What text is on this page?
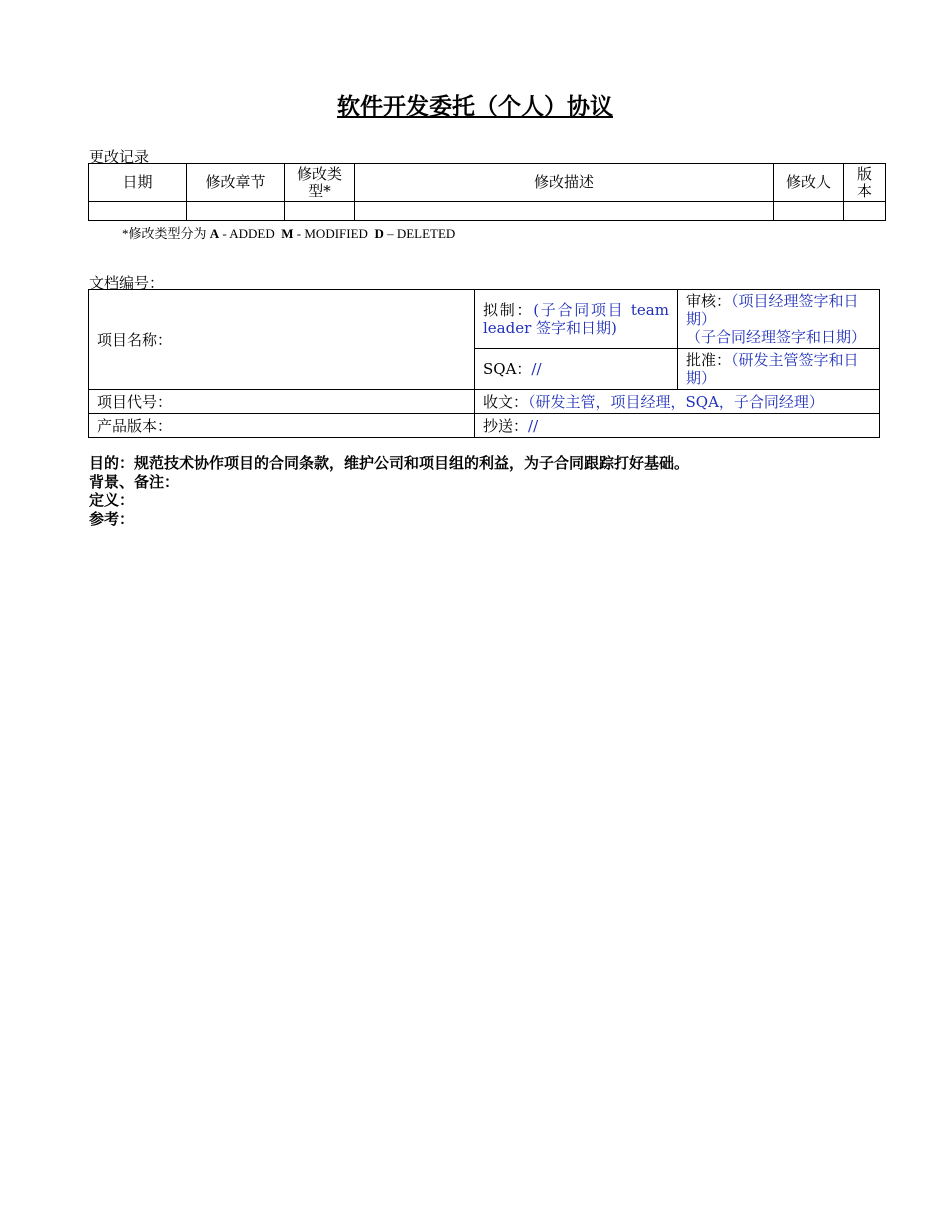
软件开发委托（个人）协议
更改记录
日期	修改章节	修改类型*	修改描述	修改人	版本

*修改类型分为 A - ADDED M - MODIFIED D – DELETED
文档编号：
项目名称：	拟制：(子合同项目 team leader 签字和日期)	审核：（项目经理签字和日期）
（子合同经理签字和日期）
	SQA：//	批准：（研发主管签字和日期）
项目代号：	收文：（研发主管，项目经理，SQA，子合同经理）	
产品版本：	抄送：//	
目的：规范技术协作项目的合同条款，维护公司和项目组的利益，为子合同跟踪打好基础。
背景、备注：
定义：
参考：
